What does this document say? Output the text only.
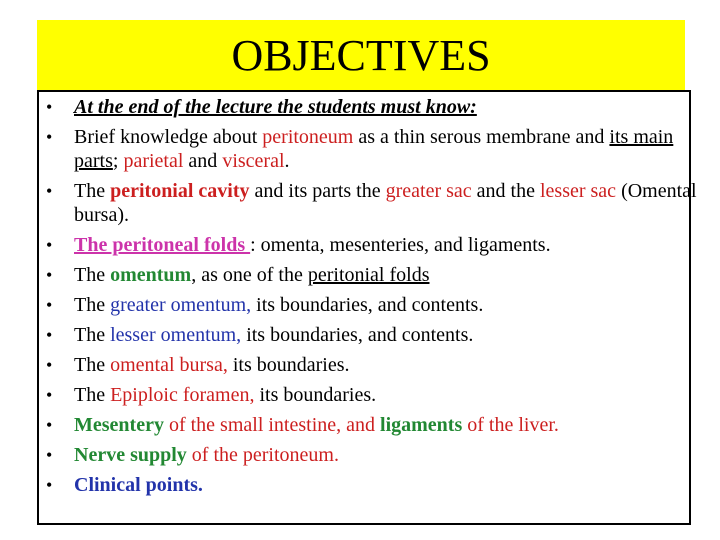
OBJECTIVES
• At the end of the lecture the students must know:
• Brief knowledge about peritoneum as a thin serous membrane and its main parts; parietal and visceral.
• The peritonial cavity and its parts the greater sac and the lesser sac (Omental bursa).
• The peritoneal folds : omenta, mesenteries, and ligaments.
• The omentum, as one of the peritonial folds
• The greater omentum, its boundaries, and contents.
• The lesser omentum, its boundaries, and contents.
• The omental bursa, its boundaries.
• The Epiploic foramen, its boundaries.
• Mesentery of the small intestine, and ligaments of the liver.
• Nerve supply of the peritoneum.
• Clinical points.
